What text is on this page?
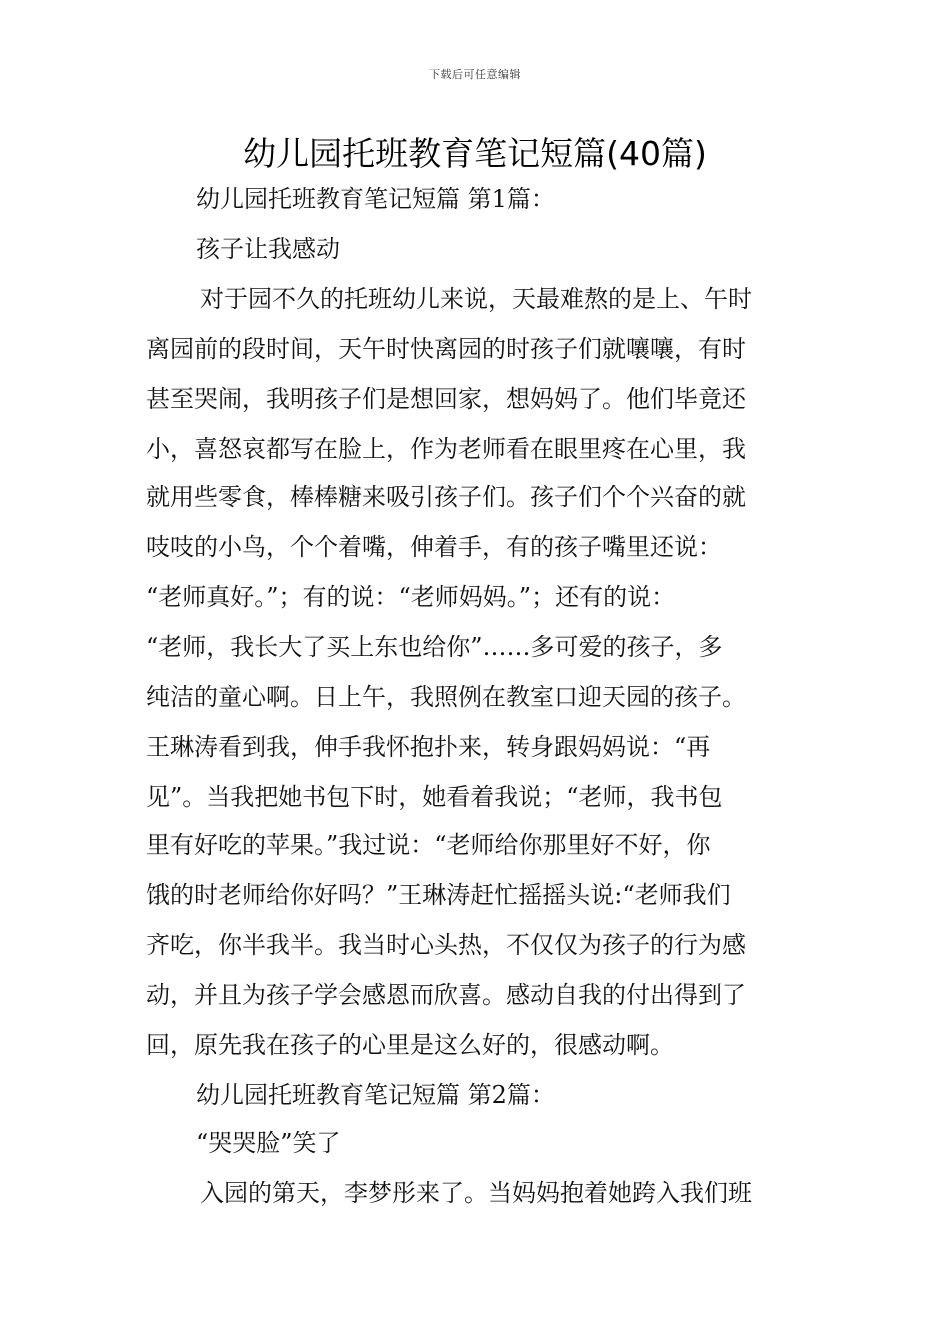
下载后可任意编辑
幼儿园托班教育笔记短篇(40篇)
幼儿园托班教育笔记短篇 第1篇：
孩子让我感动
对于园不久的托班幼儿来说，天最难熬的是上、午时
离园前的段时间，天午时快离园的时孩子们就嚷嚷，有时
甚至哭闹，我明孩子们是想回家，想妈妈了。他们毕竟还
小，喜怒哀都写在脸上，作为老师看在眼里疼在心里，我
就用些零食，棒棒糖来吸引孩子们。孩子们个个兴奋的就
吱吱的小鸟，个个着嘴，伸着手，有的孩子嘴里还说：
“老师真好。”；有的说：“老师妈妈。”；还有的说：
“老师，我长大了买上东也给你”……多可爱的孩子，多
纯洁的童心啊。日上午，我照例在教室口迎天园的孩子。
王琳涛看到我，伸手我怀抱扑来，转身跟妈妈说：“再
见”。当我把她书包下时，她看着我说；“老师，我书包
里有好吃的苹果。”我过说：“老师给你那里好不好，你
饿的时老师给你好吗？”王琳涛赶忙摇摇头说:“老师我们
齐吃，你半我半。我当时心头热，不仅仅为孩子的行为感
动，并且为孩子学会感恩而欣喜。感动自我的付出得到了
回，原先我在孩子的心里是这么好的，很感动啊。
幼儿园托班教育笔记短篇 第2篇：
“哭哭脸”笑了
入园的第天，李梦彤来了。当妈妈抱着她跨入我们班
